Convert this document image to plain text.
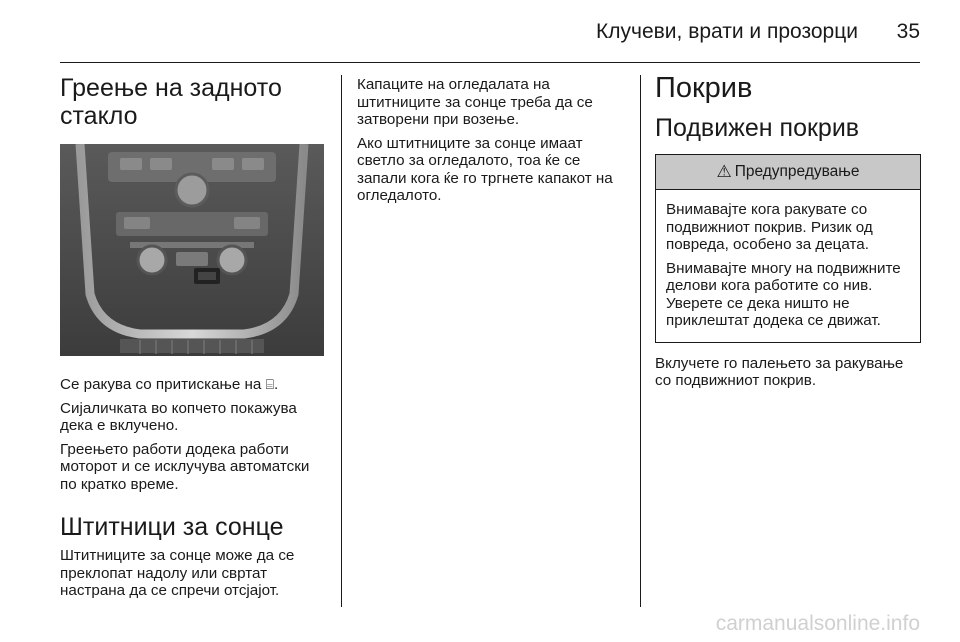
Клучеви, врати и прозорци 35
Греење на задното стакло

Се ракува со притискање на ⌸.

Сијаличката во копчето покажува дека е вклучено.

Греењето работи додека работи моторот и се исклучува автоматски по кратко време.

Штитници за сонце

Штитниците за сонце може да се преклопат надолу или свртат настрана да се спречи отсјајот.

Капаците на огледалата на штитниците за сонце треба да се затворени при возење.

Ако штитниците за сонце имаат светло за огледалото, тоа ќе се запали кога ќе го тргнете капакот на огледалото.

Покрив
Подвижен покрив
⚠ Предупредување

Внимавајте кога ракувате со подвижниот покрив. Ризик од повреда, особено за децата.

Внимавајте многу на подвижните делови кога работите со нив. Уверете се дека ништо не приклештат додека се движат.

Вклучете го палењето за ракување со подвижниот покрив.

carmanualsonline.info
